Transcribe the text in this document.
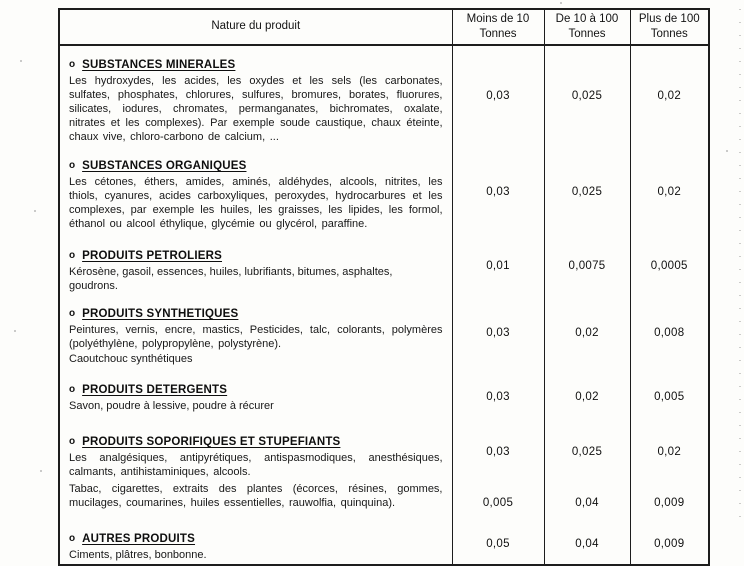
Nature du produit	Moins de 10 Tonnes	De 10 à 100 Tonnes	Plus de 100 Tonnes

o SUBSTANCES MINERALES
Les hydroxydes, les acides, les oxydes et les sels (les carbonates, sulfates, phosphates, chlorures, sulfures, bromures, borates, fluorures, silicates, iodures, chromates, permanganates, bichromates, oxalate, nitrates et les complexes). Par exemple soude caustique, chaux éteinte, chaux vive, chloro-carbono de calcium, ...	0,03	0,025	0,02

o SUBSTANCES ORGANIQUES
Les cétones, éthers, amides, aminés, aldéhydes, alcools, nitrites, les thiols, cyanures, acides carboxyliques, peroxydes, hydrocarbures et les complexes, par exemple les huiles, les graisses, les lipides, les formol, éthanol ou alcool éthylique, glycémie ou glycérol, paraffine.	0,03	0,025	0,02

o PRODUITS PETROLIERS
Kérosène, gasoil, essences, huiles, lubrifiants, bitumes, asphaltes, goudrons.	0,01	0,0075	0,0005

o PRODUITS SYNTHETIQUES
Peintures, vernis, encre, mastics, Pesticides, talc, colorants, polymères (polyéthylène, polypropylène, polystyrène).
Caoutchouc synthétiques	0,03	0,02	0,008

o PRODUITS DETERGENTS
Savon, poudre à lessive, poudre à récurer	0,03	0,02	0,005

o PRODUITS SOPORIFIQUES ET STUPEFIANTS
Les analgésiques, antipyrétiques, antispasmodiques, anesthésiques, calmants, antihistaminiques, alcools.	0,03	0,025	0,02

Tabac, cigarettes, extraits des plantes (écorces, résines, gommes, mucilages, coumarines, huiles essentielles, rauwolfia, quinquina).	0,005	0,04	0,009

o AUTRES PRODUITS
Ciments, plâtres, bonbonne.	0,05	0,04	0,009
